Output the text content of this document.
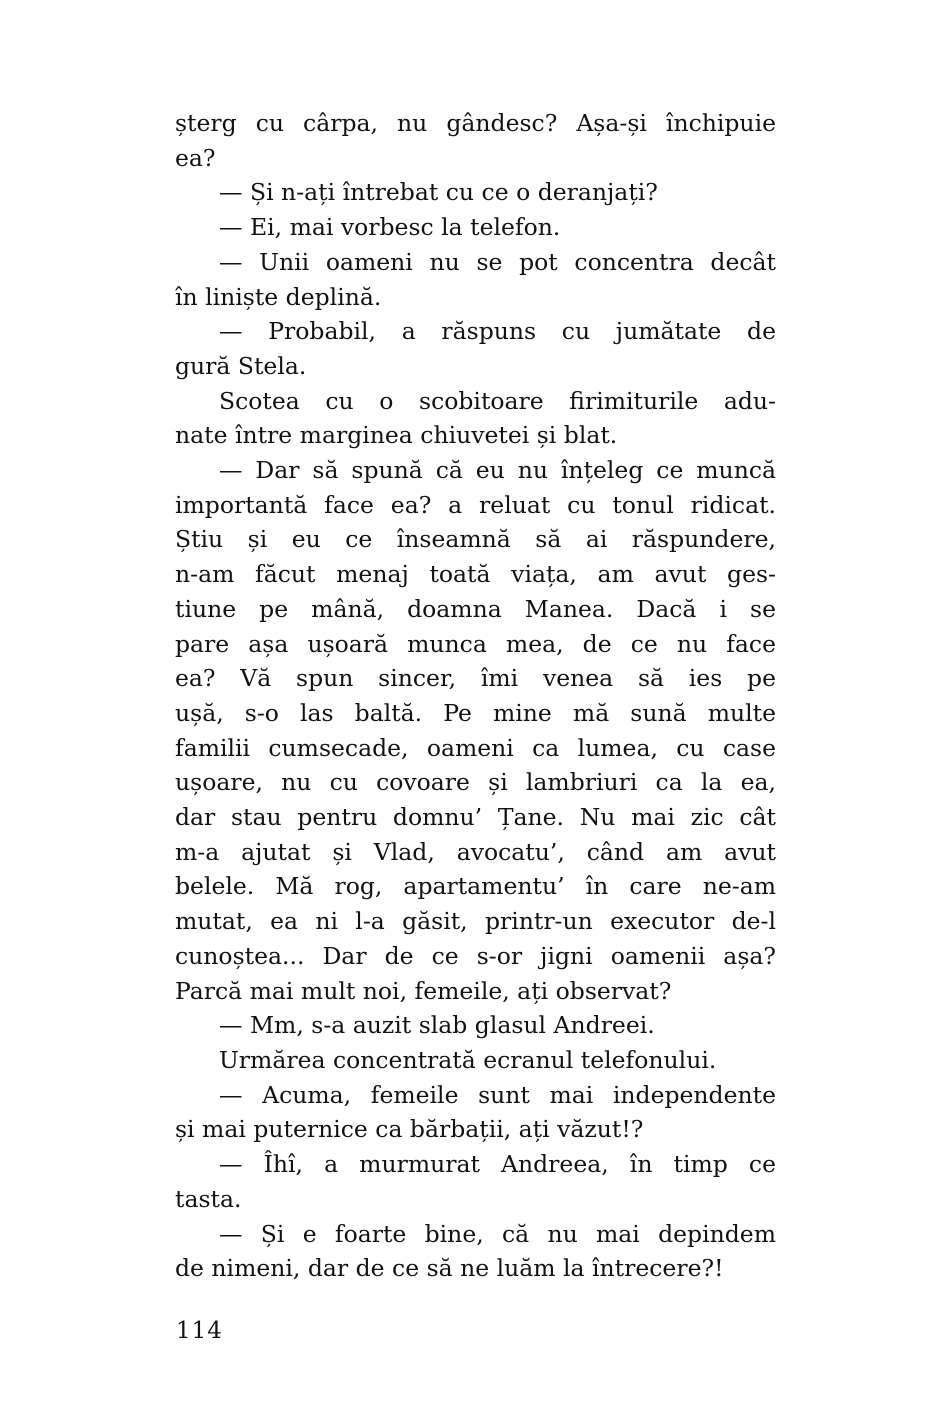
șterg cu cârpa, nu gândesc? Așa-și închipuie
ea?
— Și n-ați întrebat cu ce o deranjați?
— Ei, mai vorbesc la telefon.
— Unii oameni nu se pot concentra decât
în liniște deplină.
— Probabil, a răspuns cu jumătate de
gură Stela.
Scotea cu o scobitoare firimiturile adu-
nate între marginea chiuvetei și blat.
— Dar să spună că eu nu înțeleg ce muncă
importantă face ea? a reluat cu tonul ridicat.
Știu și eu ce înseamnă să ai răspundere,
n-am făcut menaj toată viața, am avut ges-
tiune pe mână, doamna Manea. Dacă i se
pare așa ușoară munca mea, de ce nu face
ea? Vă spun sincer, îmi venea să ies pe
ușă, s-o las baltă. Pe mine mă sună multe
familii cumsecade, oameni ca lumea, cu case
ușoare, nu cu covoare și lambriuri ca la ea,
dar stau pentru domnu’ Țane. Nu mai zic cât
m-a ajutat și Vlad, avocatu’, când am avut
belele. Mă rog, apartamentu’ în care ne-am
mutat, ea ni l-a găsit, printr-un executor de-l
cunoștea... Dar de ce s-or jigni oamenii așa?
Parcă mai mult noi, femeile, ați observat?
— Mm, s-a auzit slab glasul Andreei.
Urmărea concentrată ecranul telefonului.
— Acuma, femeile sunt mai independente
și mai puternice ca bărbații, ați văzut!?
— Îhî, a murmurat Andreea, în timp ce
tasta.
— Și e foarte bine, că nu mai depindem
de nimeni, dar de ce să ne luăm la întrecere?!
114
